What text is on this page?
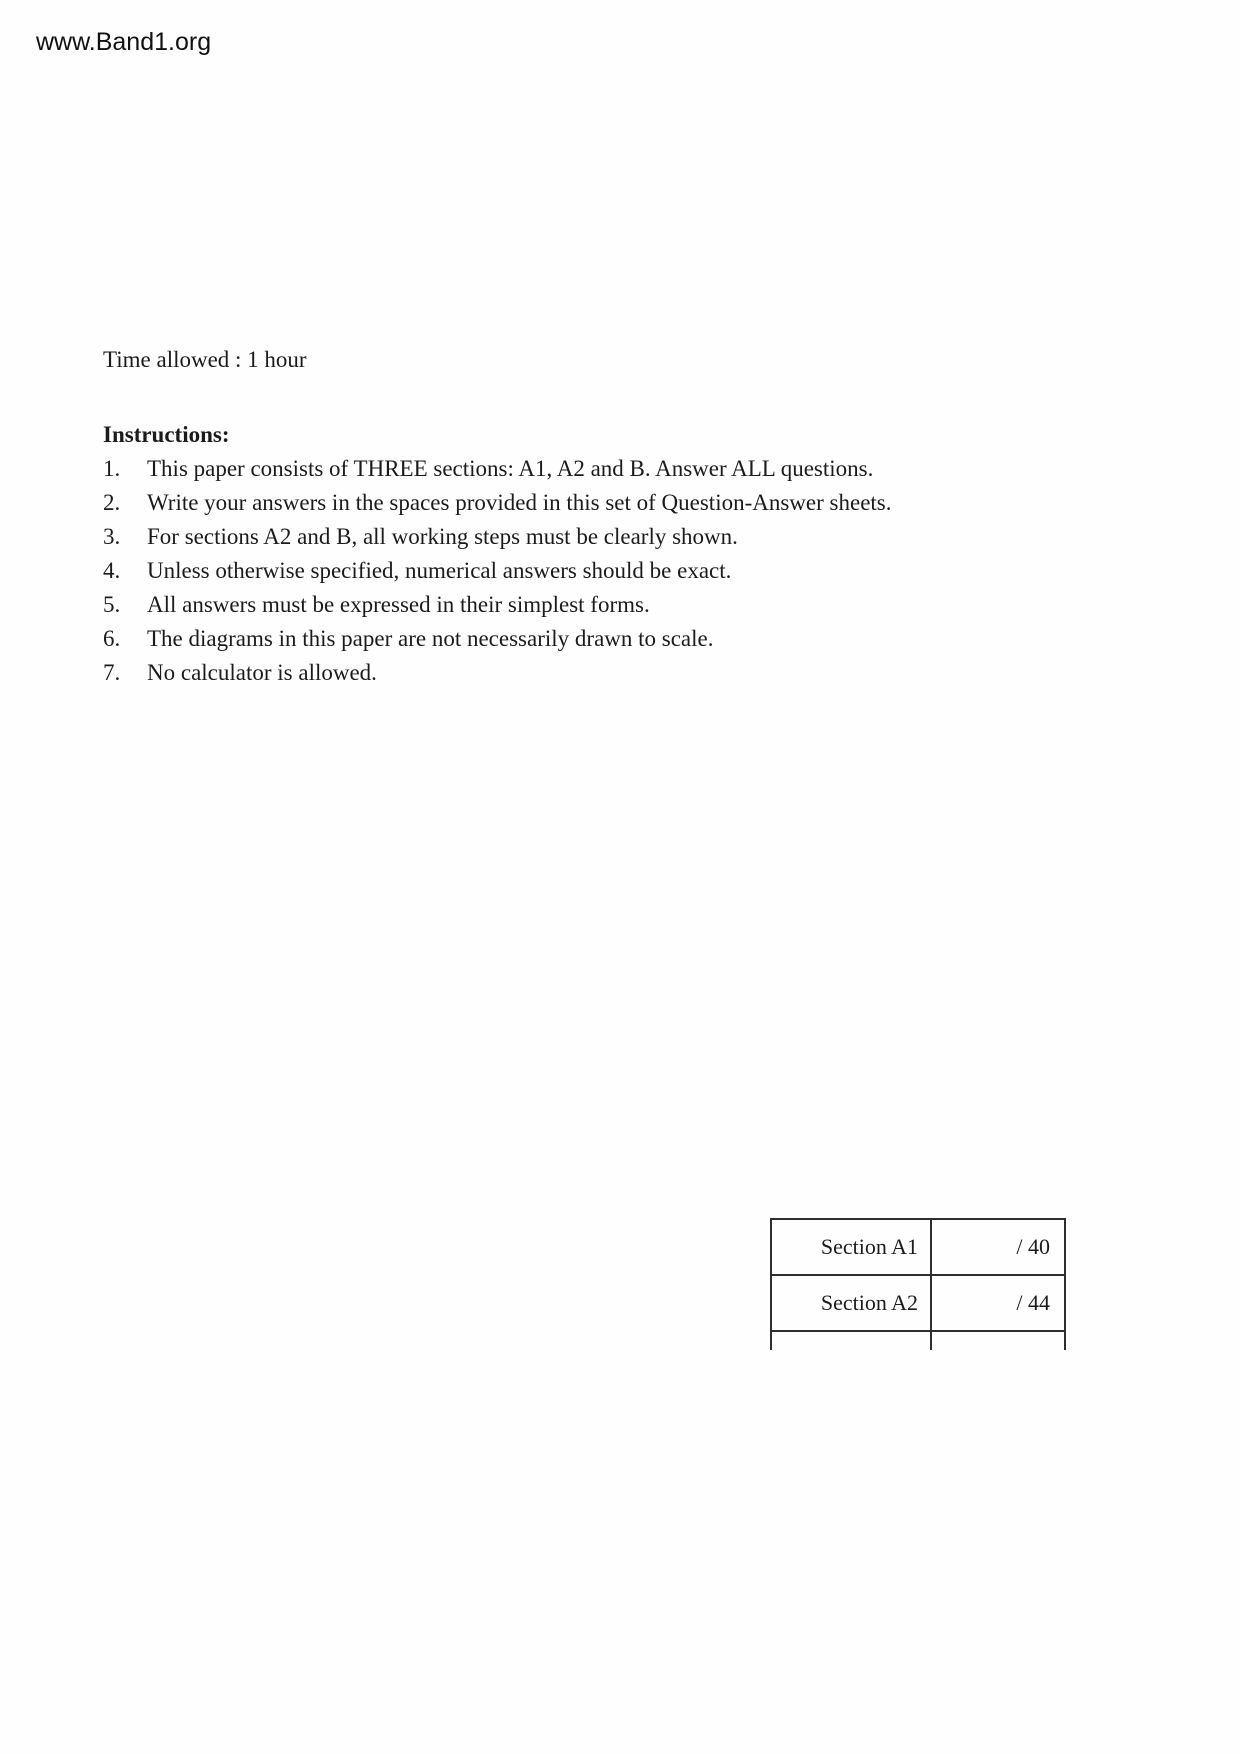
www.Band1.org

Time allowed : 1 hour

Instructions:

1.	This paper consists of THREE sections: A1, A2 and B. Answer ALL questions.
2.	Write your answers in the spaces provided in this set of Question-Answer sheets.
3.	For sections A2 and B, all working steps must be clearly shown.
4.	Unless otherwise specified, numerical answers should be exact.
5.	All answers must be expressed in their simplest forms.
6.	The diagrams in this paper are not necessarily drawn to scale.
7.	No calculator is allowed.
Section A1	/ 40
Section A2	/ 44
